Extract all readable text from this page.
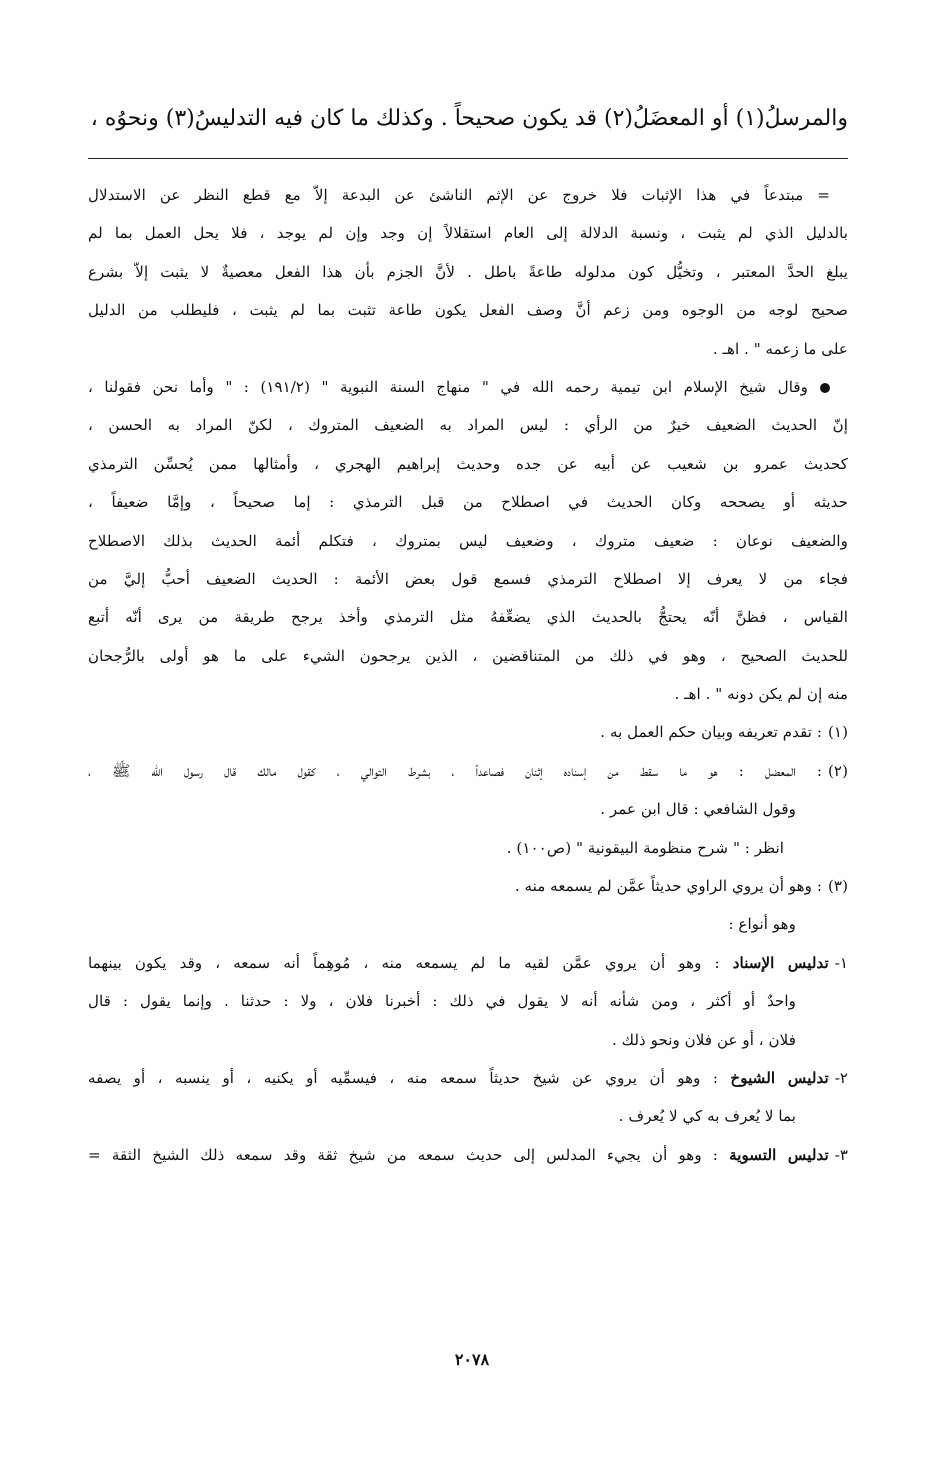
والمرسلُ(١) أو المعضَلُ(٢) قد يكون صحيحاً . وكذلك ما كان فيه التدليسُ(٣) ونحوُه ،
= مبتدعاً في هذا الإثبات فلا خروج عن الإثم الناشئ عن البدعة إلاّ مع قطع النظر عن الاستدلال
بالدليل الذي لم يثبت ، ونسبة الدلالة إلى العام استقلالاً إن وجد وإن لم يوجد ، فلا يحل العمل بما لم
يبلغ الحدَّ المعتبر ، وتخيُّل كون مدلوله طاعةً باطل . لأنَّ الجزم بأن هذا الفعل معصيةٌ لا يثبت إلاّ بشرع
صحيح لوجه من الوجوه ومن زعم أنَّ وصف الفعل يكون طاعة تثبت بما لم يثبت ، فليطلب من الدليل
على ما زعمه " . اهـ .
وقال شيخ الإسلام ابن تيمية رحمه الله في " منهاج السنة النبوية " (١٩١/٢) : " وأما نحن فقولنا ،
إنّ الحديث الضعيف خيرٌ من الرأي : ليس المراد به الضعيف المتروك ، لكنّ المراد به الحسن ،
كحديث عمرو بن شعيب عن أبيه عن جده وحديث إبراهيم الهجري ، وأمثالها ممن يُحسِّن الترمذي
حديثه أو يصححه وكان الحديث في اصطلاح من قبل الترمذي : إما صحيحاً ، وإمَّا ضعيفاً ،
والضعيف نوعان : ضعيف متروك ، وضعيف ليس بمتروك ، فتكلم أئمة الحديث بذلك الاصطلاح
فجاء من لا يعرف إلا اصطلاح الترمذي فسمع قول بعض الأئمة : الحديث الضعيف أحبُّ إليَّ من
القياس ، فظنَّ أنّه يحتجُّ بالحديث الذي يضعِّفهُ مثل الترمذي وأخذ يرجح طريقة من يرى أنّه أتبع
للحديث الصحيح ، وهو في ذلك من المتناقضين ، الذين يرجحون الشيء على ما هو أولى بالرُّجحان
منه إن لم يكن دونه " . اهـ .
(١)
: تقدم تعريفه وبيان حكم العمل به .
(٢)
: المعضل : هو ما سقط من إسناده إثنان فصاعداً ، بشرط التوالي ، كقول مالك قال رسول الله ﷺ ،
وقول الشافعي : قال ابن عمر .
انظر : " شرح منظومة البيقونية " (ص١٠٠) .
(٣)
: وهو أن يروي الراوي حديثاً عمَّن لم يسمعه منه .
وهو أنواع :
١-
تدليس الإسناد : وهو أن يروي عمَّن لقيه ما لم يسمعه منه ، مُوهِماً أنه سمعه ، وقد يكون بينهما
واحدٌ أو أكثر ، ومن شأنه أنه لا يقول في ذلك : أخبرنا فلان ، ولا : حدثنا . وإنما يقول : قال
فلان ، أو عن فلان ونحو ذلك .
٢-
تدليس الشيوخ : وهو أن يروي عن شيخ حديثاً سمعه منه ، فيسمِّيه أو يكنيه ، أو ينسبه ، أو يصفه
بما لا يُعرف به كي لا يُعرف .
٣-
تدليس التسوية : وهو أن يجيء المدلس إلى حديث سمعه من شيخ ثقة وقد سمعه ذلك الشيخ الثقة =
٢٠٧٨
